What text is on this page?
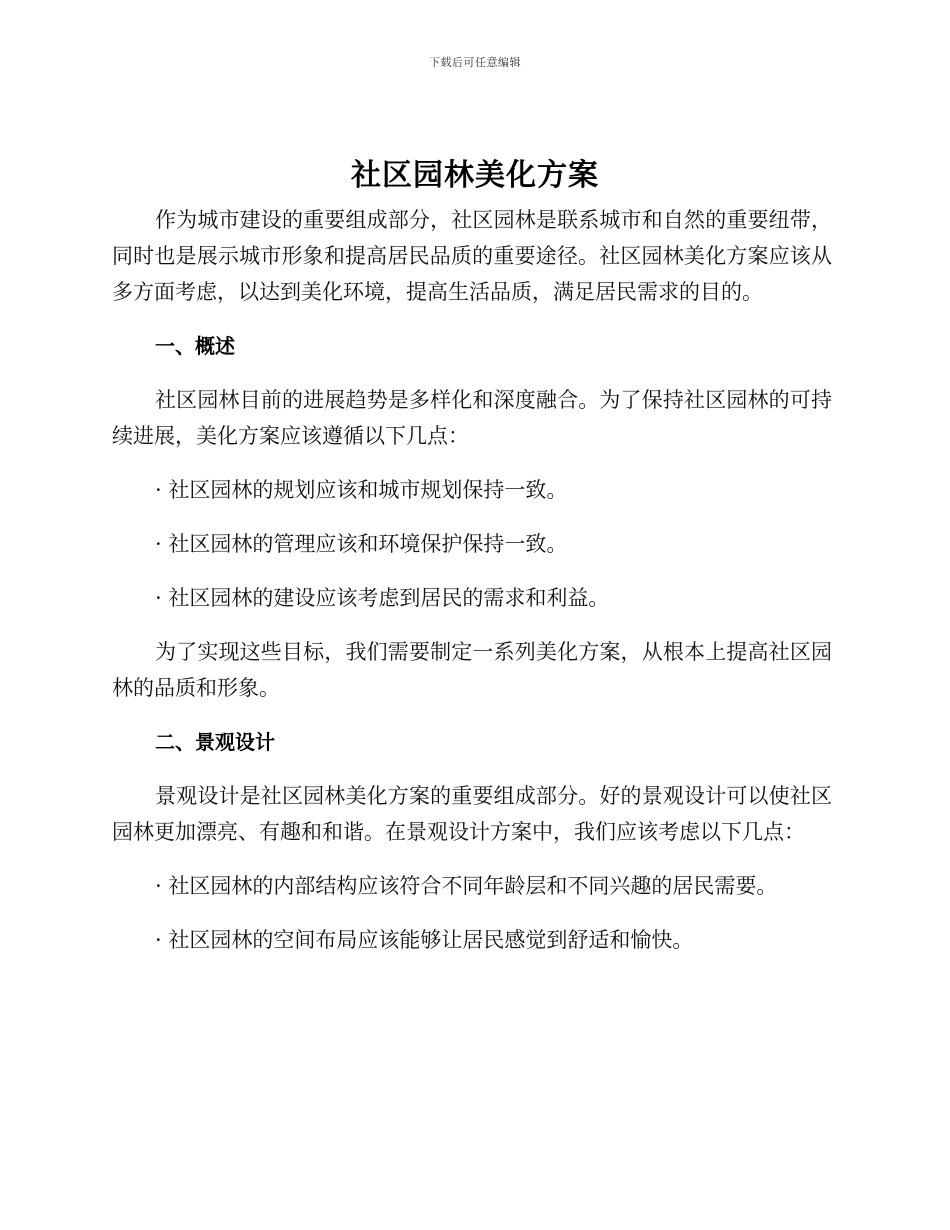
下载后可任意编辑
社区园林美化方案

作为城市建设的重要组成部分，社区园林是联系城市和自然的重要纽带，同时也是展示城市形象和提高居民品质的重要途径。社区园林美化方案应该从多方面考虑，以达到美化环境，提高生活品质，满足居民需求的目的。

一、概述

社区园林目前的进展趋势是多样化和深度融合。为了保持社区园林的可持续进展，美化方案应该遵循以下几点：

· 社区园林的规划应该和城市规划保持一致。

· 社区园林的管理应该和环境保护保持一致。

· 社区园林的建设应该考虑到居民的需求和利益。

为了实现这些目标，我们需要制定一系列美化方案，从根本上提高社区园林的品质和形象。

二、景观设计

景观设计是社区园林美化方案的重要组成部分。好的景观设计可以使社区园林更加漂亮、有趣和和谐。在景观设计方案中，我们应该考虑以下几点：

· 社区园林的内部结构应该符合不同年龄层和不同兴趣的居民需要。

· 社区园林的空间布局应该能够让居民感觉到舒适和愉快。
